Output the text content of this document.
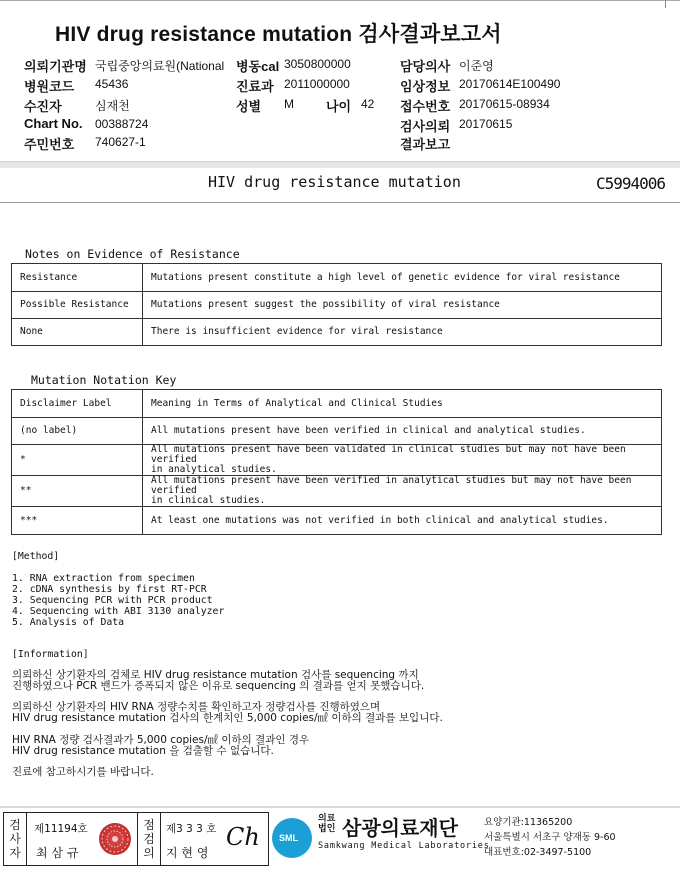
HIV drug resistance mutation 검사결과보고서
의뢰기관명 국립중앙의료원(National 병동cal 3050800000	담당의사 이준영
병원코드 45436	진료과 2011000000	임상정보 20170614E100490
수진자	심재천	성별 M 나이 42 접수번호 20170615-08934
Chart No. 00388724	검사의뢰 20170615
주민번호 740627-1	결과보고
HIV drug resistance mutation	C5994006
Notes on Evidence of Resistance
Resistance	Mutations present constitute a high level of genetic evidence for viral resistance
Possible Resistance	Mutations present suggest the possibility of viral resistance
None	There is insufficient evidence for viral resistance
Mutation Notation Key
Disclaimer Label	Meaning in Terms of Analytical and Clinical Studies
(no label)	All mutations present have been verified in clinical and analytical studies.
*	All mutations present have been validated in clinical studies but may not have been verified
in analytical studies.

**	All mutations present have been verified in analytical studies but may not have been verified
in clinical studies.

***	At least one mutations was not verified in both clinical and analytical studies.
[Method]
1. RNA extraction from specimen
2. cDNA synthesis by first RT-PCR
3. Sequencing PCR with PCR product
4. Sequencing with ABI 3130 analyzer
5. Analysis of Data
[Information]
의뢰하신 상기환자의 검체로 HIV drug resistance mutation 검사를 sequencing 까지
진행하였으나 PCR 밴드가 증폭되지 않은 이유로 sequencing 의 결과를 얻지 못했습니다.
의뢰하신 상기환자의 HIV RNA 정량수치를 확인하고자 정량검사를 진행하였으며
HIV drug resistance mutation 검사의 한계치인 5,000 copies/㎖ 이하의 결과를 보입니다.
HIV RNA 정량 검사결과가 5,000 copies/㎖ 이하의 결과인 경우
HIV drug resistance mutation 을 검출할 수 없습니다.
진료에 참고하시기를 바랍니다.
검
사
자
제11194호
최 삼 규
점
검
의
제3 3 3 호
지 현 영
Ch SML
의료
법인 삼광의료재단
Samkwang Medical Laboratories
요양기관:11365200
서울특별시 서초구 양재동 9-60
대표번호:02-3497-5100
